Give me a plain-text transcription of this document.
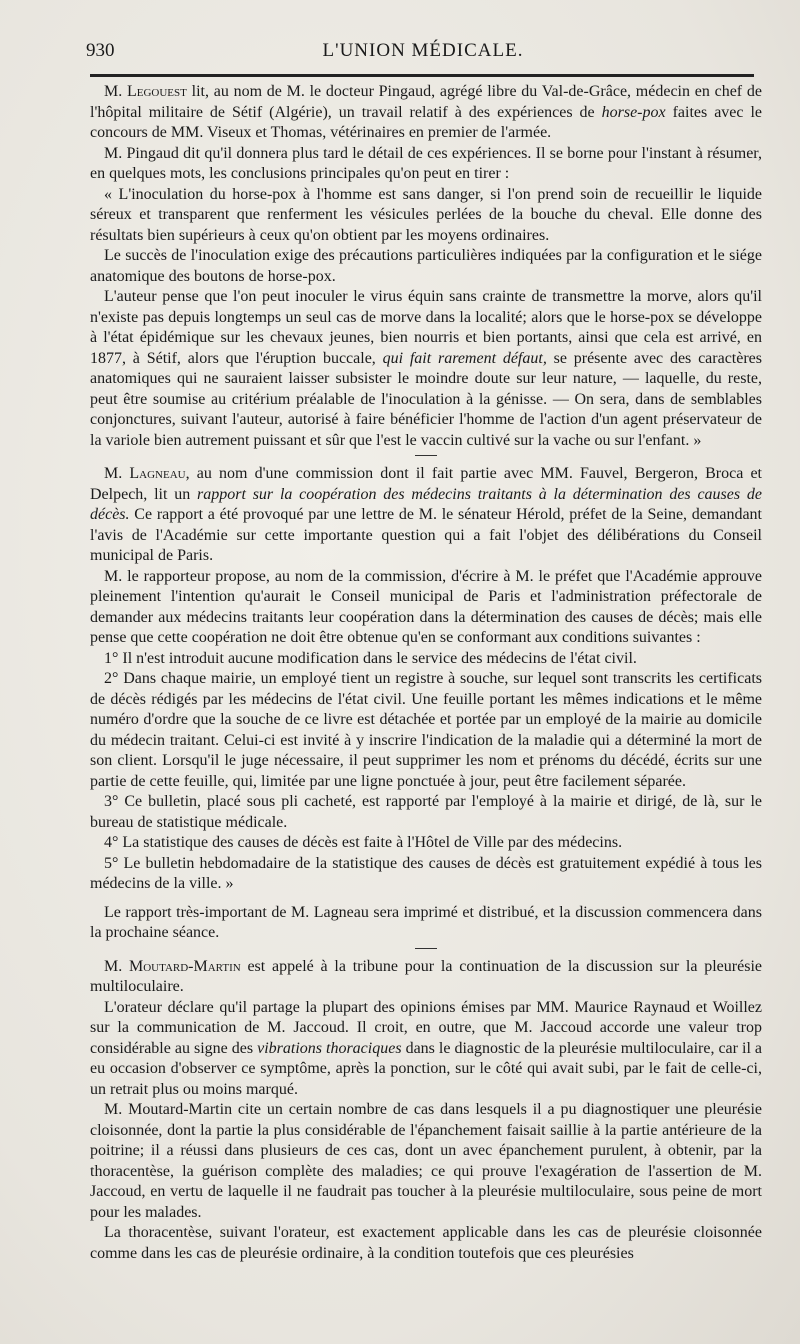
930	L'UNION MÉDICALE.

M. Legouest lit, au nom de M. le docteur Pingaud, agrégé libre du Val-de-Grâce, médecin en chef de l'hôpital militaire de Sétif (Algérie), un travail relatif à des expériences de horse-pox faites avec le concours de MM. Viseux et Thomas, vétérinaires en premier de l'armée.

M. Pingaud dit qu'il donnera plus tard le détail de ces expériences. Il se borne pour l'instant à résumer, en quelques mots, les conclusions principales qu'on peut en tirer :

« L'inoculation du horse-pox à l'homme est sans danger, si l'on prend soin de recueillir le liquide séreux et transparent que renferment les vésicules perlées de la bouche du cheval. Elle donne des résultats bien supérieurs à ceux qu'on obtient par les moyens ordinaires.

Le succès de l'inoculation exige des précautions particulières indiquées par la configuration et le siége anatomique des boutons de horse-pox.

L'auteur pense que l'on peut inoculer le virus équin sans crainte de transmettre la morve, alors qu'il n'existe pas depuis longtemps un seul cas de morve dans la localité; alors que le horse-pox se développe à l'état épidémique sur les chevaux jeunes, bien nourris et bien portants, ainsi que cela est arrivé, en 1877, à Sétif, alors que l'éruption buccale, qui fait rarement défaut, se présente avec des caractères anatomiques qui ne sauraient laisser subsister le moindre doute sur leur nature, — laquelle, du reste, peut être soumise au critérium préalable de l'inoculation à la génisse. — On sera, dans de semblables conjonctures, suivant l'auteur, autorisé à faire bénéficier l'homme de l'action d'un agent préservateur de la variole bien autrement puissant et sûr que l'est le vaccin cultivé sur la vache ou sur l'enfant. »

M. Lagneau, au nom d'une commission dont il fait partie avec MM. Fauvel, Bergeron, Broca et Delpech, lit un rapport sur la coopération des médecins traitants à la détermination des causes de décès. Ce rapport a été provoqué par une lettre de M. le sénateur Hérold, préfet de la Seine, demandant l'avis de l'Académie sur cette importante question qui a fait l'objet des délibérations du Conseil municipal de Paris.

M. le rapporteur propose, au nom de la commission, d'écrire à M. le préfet que l'Académie approuve pleinement l'intention qu'aurait le Conseil municipal de Paris et l'administration préfectorale de demander aux médecins traitants leur coopération dans la détermination des causes de décès; mais elle pense que cette coopération ne doit être obtenue qu'en se conformant aux conditions suivantes :

1° Il n'est introduit aucune modification dans le service des médecins de l'état civil.

2° Dans chaque mairie, un employé tient un registre à souche, sur lequel sont transcrits les certificats de décès rédigés par les médecins de l'état civil. Une feuille portant les mêmes indications et le même numéro d'ordre que la souche de ce livre est détachée et portée par un employé de la mairie au domicile du médecin traitant. Celui-ci est invité à y inscrire l'indication de la maladie qui a déterminé la mort de son client. Lorsqu'il le juge nécessaire, il peut supprimer les nom et prénoms du décédé, écrits sur une partie de cette feuille, qui, limitée par une ligne ponctuée à jour, peut être facilement séparée.

3° Ce bulletin, placé sous pli cacheté, est rapporté par l'employé à la mairie et dirigé, de là, sur le bureau de statistique médicale.

4° La statistique des causes de décès est faite à l'Hôtel de Ville par des médecins.

5° Le bulletin hebdomadaire de la statistique des causes de décès est gratuitement expédié à tous les médecins de la ville. »

Le rapport très-important de M. Lagneau sera imprimé et distribué, et la discussion commencera dans la prochaine séance.

M. Moutard-Martin est appelé à la tribune pour la continuation de la discussion sur la pleurésie multiloculaire.

L'orateur déclare qu'il partage la plupart des opinions émises par MM. Maurice Raynaud et Woillez sur la communication de M. Jaccoud. Il croit, en outre, que M. Jaccoud accorde une valeur trop considérable au signe des vibrations thoraciques dans le diagnostic de la pleurésie multiloculaire, car il a eu occasion d'observer ce symptôme, après la ponction, sur le côté qui avait subi, par le fait de celle-ci, un retrait plus ou moins marqué.

M. Moutard-Martin cite un certain nombre de cas dans lesquels il a pu diagnostiquer une pleurésie cloisonnée, dont la partie la plus considérable de l'épanchement faisait saillie à la partie antérieure de la poitrine; il a réussi dans plusieurs de ces cas, dont un avec épanchement purulent, à obtenir, par la thoracentèse, la guérison complète des maladies; ce qui prouve l'exagération de l'assertion de M. Jaccoud, en vertu de laquelle il ne faudrait pas toucher à la pleurésie multiloculaire, sous peine de mort pour les malades.

La thoracentèse, suivant l'orateur, est exactement applicable dans les cas de pleurésie cloisonnée comme dans les cas de pleurésie ordinaire, à la condition toutefois que ces pleurésies
